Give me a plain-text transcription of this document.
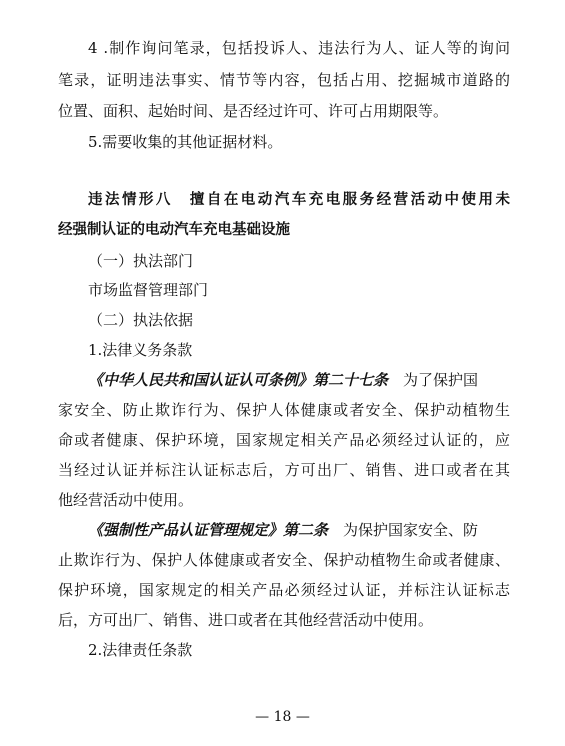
4 .制作询问笔录，包括投诉人、违法行为人、证人等的询问
笔录，证明违法事实、情节等内容，包括占用、挖掘城市道路的
位置、面积、起始时间、是否经过许可、许可占用期限等。
5.需要收集的其他证据材料。
违法情形八　擅自在电动汽车充电服务经营活动中使用未
经强制认证的电动汽车充电基础设施
（一）执法部门
市场监督管理部门
（二）执法依据
1.法律义务条款
《中华人民共和国认证认可条例》第二十七条　为了保护国
家安全、防止欺诈行为、保护人体健康或者安全、保护动植物生
命或者健康、保护环境，国家规定相关产品必须经过认证的，应
当经过认证并标注认证标志后，方可出厂、销售、进口或者在其
他经营活动中使用。
《强制性产品认证管理规定》第二条　为保护国家安全、防
止欺诈行为、保护人体健康或者安全、保护动植物生命或者健康、
保护环境，国家规定的相关产品必须经过认证，并标注认证标志
后，方可出厂、销售、进口或者在其他经营活动中使用。
2.法律责任条款
— 18 —
